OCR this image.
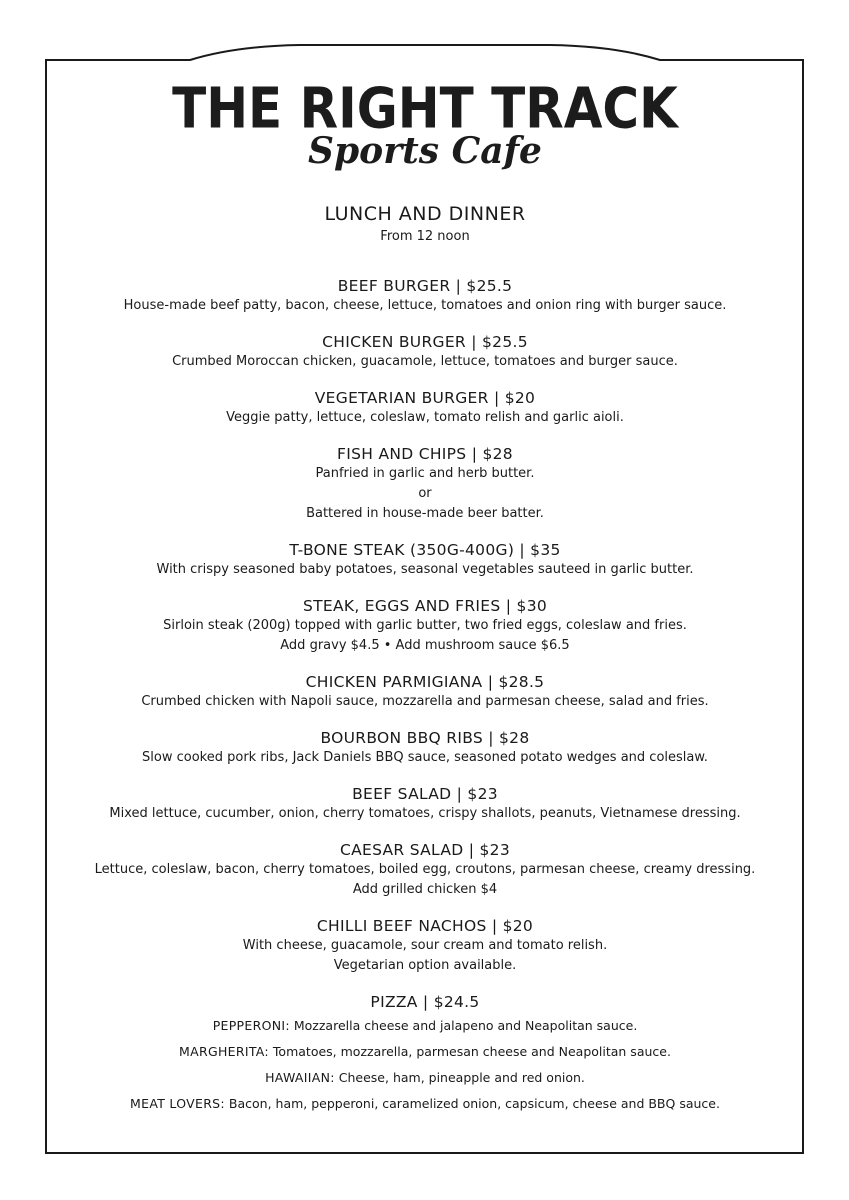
THE RIGHT TRACK
Sports Cafe
LUNCH AND DINNER
From 12 noon
BEEF BURGER | $25.5
House-made beef patty, bacon, cheese, lettuce, tomatoes and onion ring with burger sauce.
CHICKEN BURGER | $25.5
Crumbed Moroccan chicken, guacamole, lettuce, tomatoes and burger sauce.
VEGETARIAN BURGER | $20
Veggie patty, lettuce, coleslaw, tomato relish and garlic aioli.
FISH AND CHIPS | $28
Panfried in garlic and herb butter.
or
Battered in house-made beer batter.
T-BONE STEAK (350G-400G) | $35
With crispy seasoned baby potatoes, seasonal vegetables sauteed in garlic butter.
STEAK, EGGS AND FRIES | $30
Sirloin steak (200g) topped with garlic butter, two fried eggs, coleslaw and fries.
Add gravy $4.5 • Add mushroom sauce $6.5
CHICKEN PARMIGIANA | $28.5
Crumbed chicken with Napoli sauce, mozzarella and parmesan cheese, salad and fries.
BOURBON BBQ RIBS | $28
Slow cooked pork ribs, Jack Daniels BBQ sauce, seasoned potato wedges and coleslaw.
BEEF SALAD | $23
Mixed lettuce, cucumber, onion, cherry tomatoes, crispy shallots, peanuts, Vietnamese dressing.
CAESAR SALAD | $23
Lettuce, coleslaw, bacon, cherry tomatoes, boiled egg, croutons, parmesan cheese, creamy dressing.
Add grilled chicken $4
CHILLI BEEF NACHOS | $20
With cheese, guacamole, sour cream and tomato relish.
Vegetarian option available.
PIZZA | $24.5
PEPPERONI: Mozzarella cheese and jalapeno and Neapolitan sauce.
MARGHERITA: Tomatoes, mozzarella, parmesan cheese and Neapolitan sauce.
HAWAIIAN: Cheese, ham, pineapple and red onion.
MEAT LOVERS: Bacon, ham, pepperoni, caramelized onion, capsicum, cheese and BBQ sauce.
